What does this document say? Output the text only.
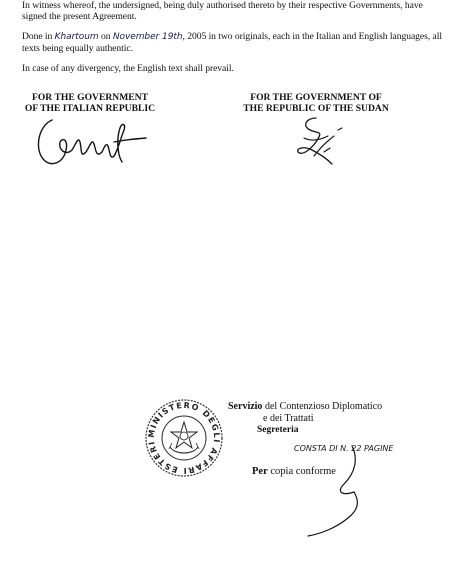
In witness whereof, the undersigned, being duly authorised thereto by their respective Governments, have signed the present Agreement.
Done in Khartoum on November 19th, 2005 in two originals, each in the Italian and English languages, all texts being equally authentic.
In case of any divergency, the English text shall prevail.
FOR THE GOVERNMENT
OF THE ITALIAN REPUBLIC
FOR THE GOVERNMENT OF
THE REPUBLIC OF THE SUDAN
MINISTERO DEGLI AFFARI ESTERI
Servizio del Contenzioso Diplomatico
e dei Trattati
Segreteria
CONSTA DI N. 22 PAGINE
Per copia conforme
